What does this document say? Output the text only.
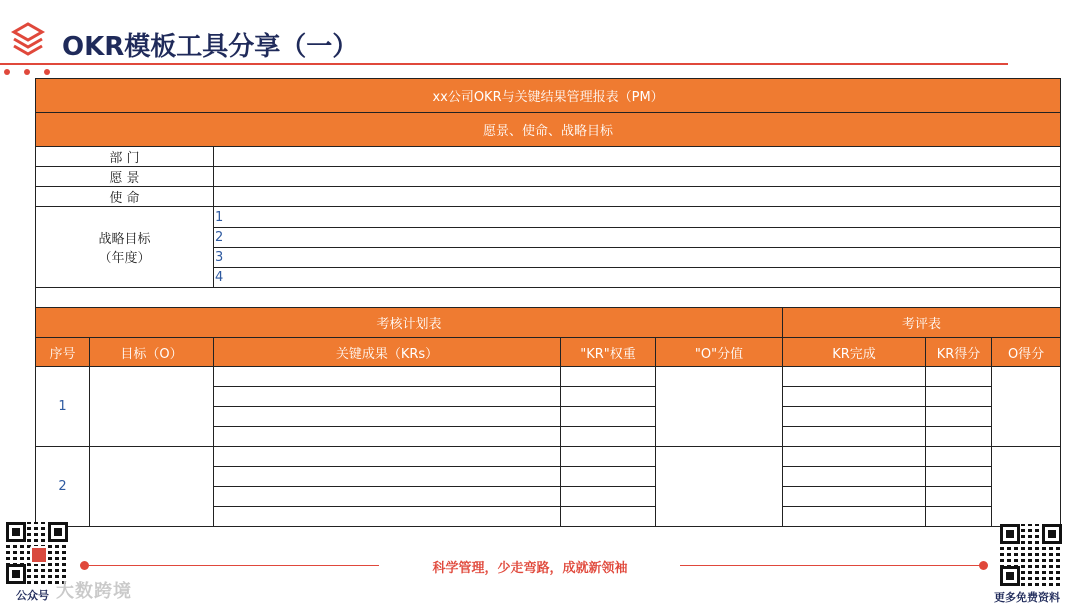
OKR模板工具分享（一）
xx公司OKR与关键结果管理报表（PM）							
愿景、使命、战略目标							
部 门							
愿 景							
使 命							

战略目标
（年度）		1					
		2					
		3					
		4					

考核计划表					考评表		
序号	目标（O）	关键成果（KRs）	"KR"权重	"O"分值	KR完成	KR得分	O得分
1							

2							

科学管理，少走弯路，成就新领袖
大数跨境
公众号	更多免费资料
